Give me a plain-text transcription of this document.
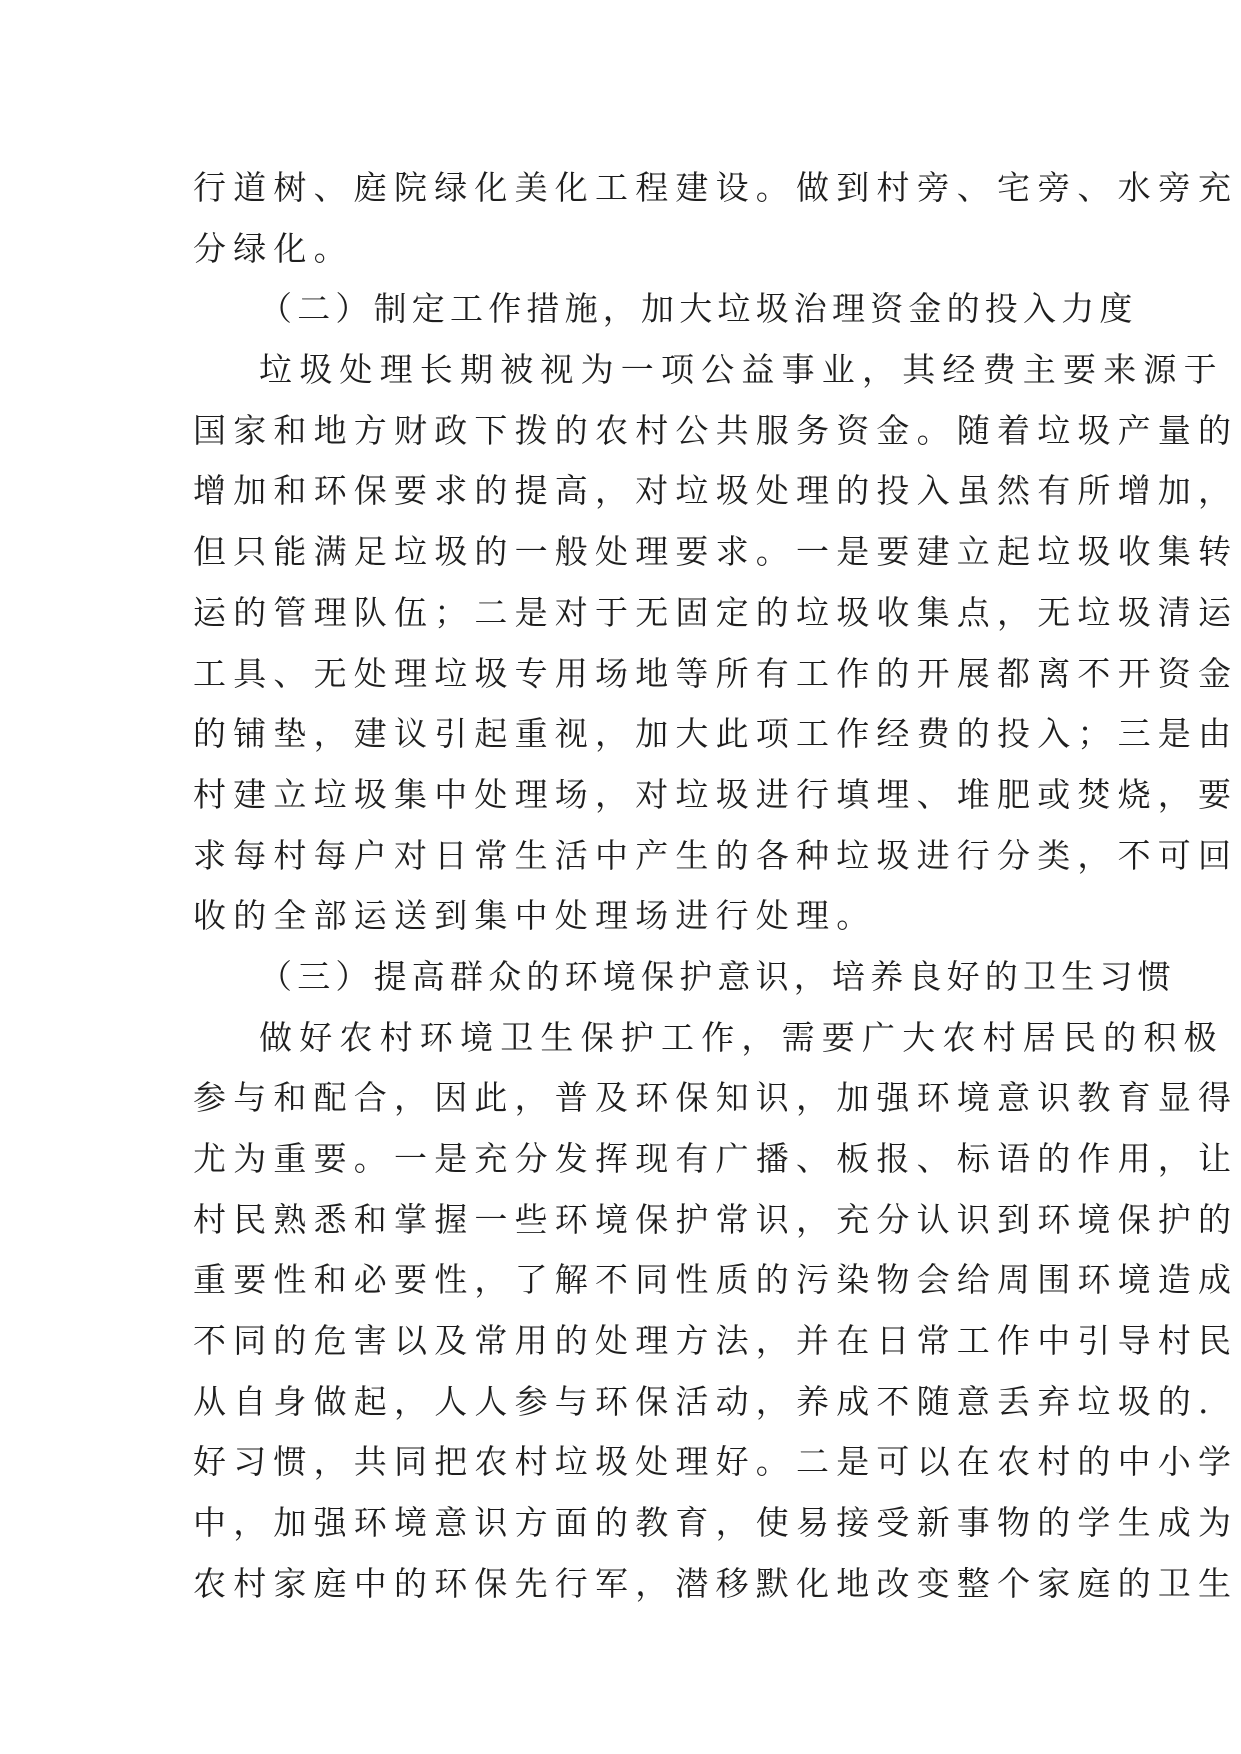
行道树、庭院绿化美化工程建设。做到村旁、宅旁、水旁充
分绿化。
（二）制定工作措施，加大垃圾治理资金的投入力度
垃圾处理长期被视为一项公益事业，其经费主要来源于
国家和地方财政下拨的农村公共服务资金。随着垃圾产量的
增加和环保要求的提高，对垃圾处理的投入虽然有所增加，
但只能满足垃圾的一般处理要求。一是要建立起垃圾收集转
运的管理队伍；二是对于无固定的垃圾收集点，无垃圾清运
工具、无处理垃圾专用场地等所有工作的开展都离不开资金
的铺垫，建议引起重视，加大此项工作经费的投入；三是由
村建立垃圾集中处理场，对垃圾进行填埋、堆肥或焚烧，要
求每村每户对日常生活中产生的各种垃圾进行分类，不可回
收的全部运送到集中处理场进行处理。
（三）提高群众的环境保护意识，培养良好的卫生习惯
做好农村环境卫生保护工作，需要广大农村居民的积极
参与和配合，因此，普及环保知识，加强环境意识教育显得
尤为重要。一是充分发挥现有广播、板报、标语的作用，让
村民熟悉和掌握一些环境保护常识，充分认识到环境保护的
重要性和必要性，了解不同性质的污染物会给周围环境造成
不同的危害以及常用的处理方法，并在日常工作中引导村民
从自身做起，人人参与环保活动，养成不随意丢弃垃圾的.
好习惯，共同把农村垃圾处理好。二是可以在农村的中小学
中，加强环境意识方面的教育，使易接受新事物的学生成为
农村家庭中的环保先行军，潜移默化地改变整个家庭的卫生
